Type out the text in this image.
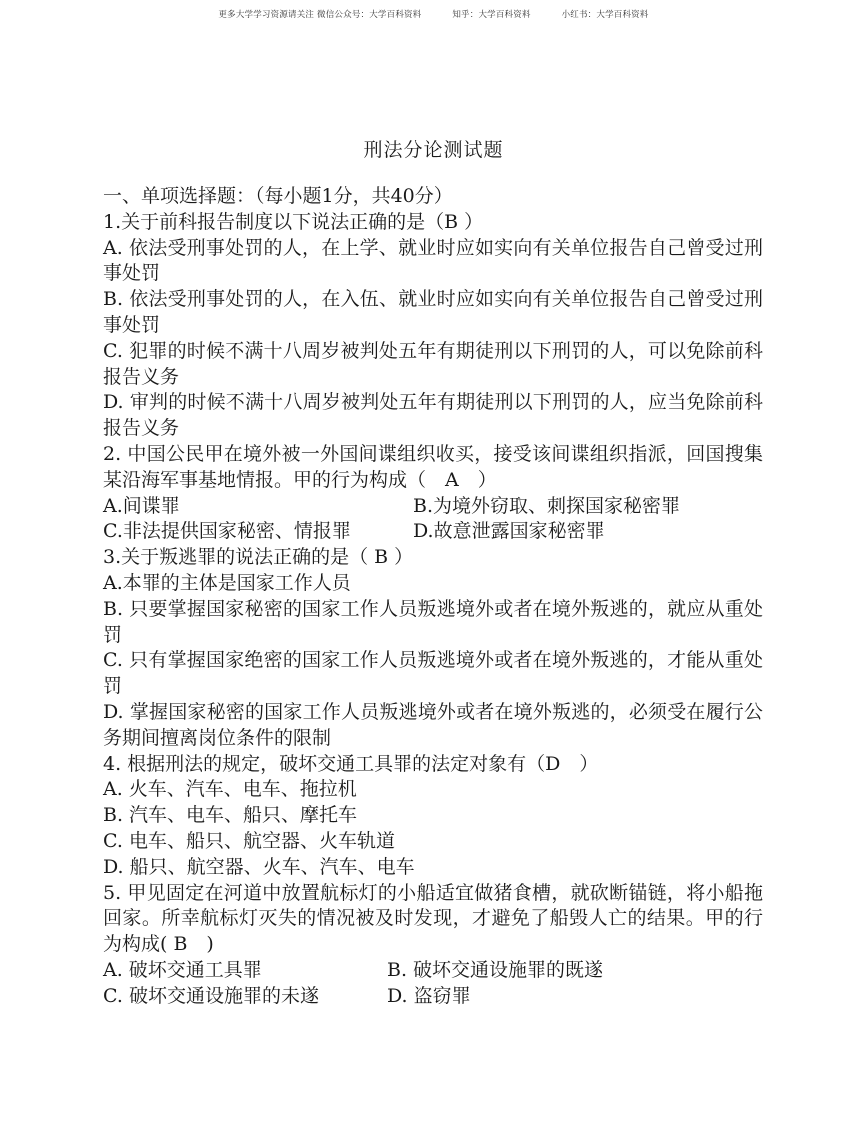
更多大学学习资源请关注 微信公众号：大学百科资料	知乎：大学百科资料	小红书：大学百科资料
刑法分论测试题
一、单项选择题：（每小题1分，共40分）
1.关于前科报告制度以下说法正确的是（B ）
A. 依法受刑事处罚的人，在上学、就业时应如实向有关单位报告自己曾受过刑事处罚
B. 依法受刑事处罚的人，在入伍、就业时应如实向有关单位报告自己曾受过刑事处罚
C. 犯罪的时候不满十八周岁被判处五年有期徒刑以下刑罚的人，可以免除前科报告义务
D. 审判的时候不满十八周岁被判处五年有期徒刑以下刑罚的人，应当免除前科报告义务
2. 中国公民甲在境外被一外国间谍组织收买，接受该间谍组织指派，回国搜集某沿海军事基地情报。甲的行为构成（　A　）
A.间谍罪	B.为境外窃取、刺探国家秘密罪
C.非法提供国家秘密、情报罪	D.故意泄露国家秘密罪
3.关于叛逃罪的说法正确的是（ B ）
A.本罪的主体是国家工作人员
B. 只要掌握国家秘密的国家工作人员叛逃境外或者在境外叛逃的，就应从重处罚
C. 只有掌握国家绝密的国家工作人员叛逃境外或者在境外叛逃的，才能从重处罚
D. 掌握国家秘密的国家工作人员叛逃境外或者在境外叛逃的，必须受在履行公务期间擅离岗位条件的限制
4. 根据刑法的规定，破坏交通工具罪的法定对象有（D　）
A. 火车、汽车、电车、拖拉机
B. 汽车、电车、船只、摩托车
C. 电车、船只、航空器、火车轨道
D. 船只、航空器、火车、汽车、电车
5. 甲见固定在河道中放置航标灯的小船适宜做猪食槽，就砍断锚链，将小船拖回家。所幸航标灯灭失的情况被及时发现，才避免了船毁人亡的结果。甲的行为构成( B　)
A. 破坏交通工具罪	B. 破坏交通设施罪的既遂
C. 破坏交通设施罪的未遂	D. 盗窃罪
